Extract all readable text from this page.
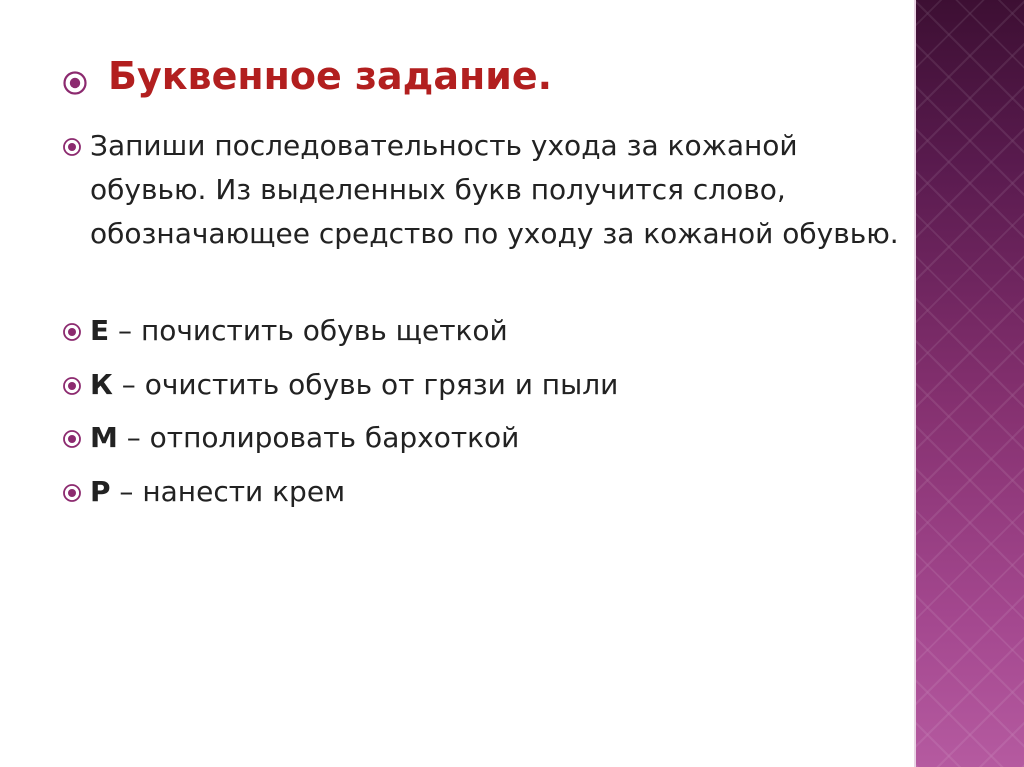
Буквенное задание.

Запиши последовательность ухода за кожаной обувью. Из выделенных букв получится слово, обозначающее средство по уходу за кожаной обувью.

Е – почистить обувь щеткой

К – очистить обувь от грязи и пыли

М – отполировать бархоткой

Р – нанести крем
